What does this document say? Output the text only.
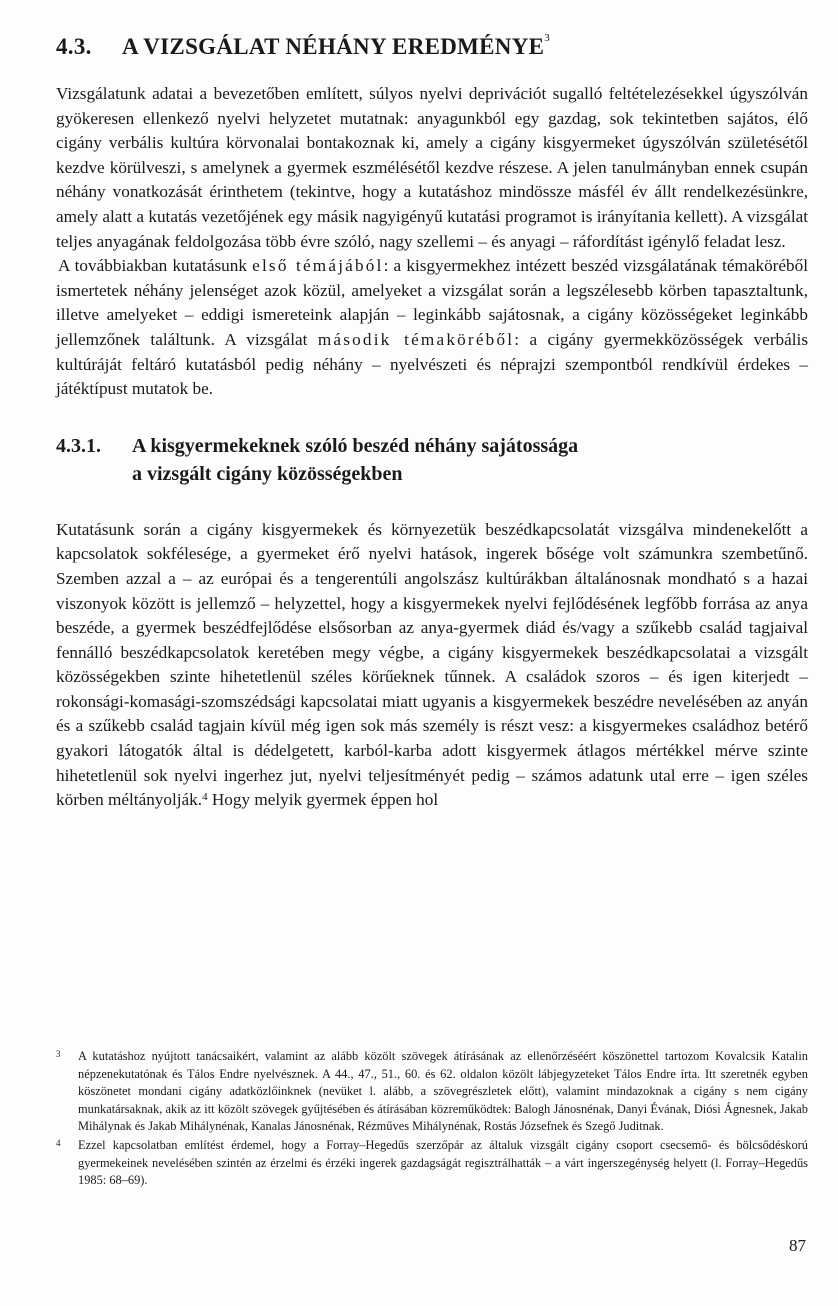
4.3.	A VIZSGÁLAT NÉHÁNY EREDMÉNYE$^3$

Vizsgálatunk adatai a bevezetőben említett, súlyos nyelvi deprivációt sugalló feltételezésekkel úgyszólván gyökeresen ellenkező nyelvi helyzetet mutatnak: anyagunkból egy gazdag, sok tekintetben sajátos, élő cigány verbális kultúra körvonalai bontakoznak ki, amely a cigány kisgyermeket úgyszólván születésétől kezdve körülveszi, s amelynek a gyermek eszmélésétől kezdve részese. A jelen tanulmányban ennek csupán néhány vonatkozását érinthetem (tekintve, hogy a kutatáshoz mindössze másfél év állt rendelkezésünkre, amely alatt a kutatás vezetőjének egy másik nagyigényű kutatási programot is irányítania kellett). A vizsgálat teljes anyagának feldolgozása több évre szóló, nagy szellemi – és anyagi – ráfordítást igénylő feladat lesz.

A továbbiakban kutatásunk első témájából: a kisgyermekhez intézett beszéd vizsgálatának témaköréből ismertetek néhány jelenséget azok közül, amelyeket a vizsgálat során a legszélesebb körben tapasztaltunk, illetve amelyeket – eddigi ismereteink alapján – leginkább sajátosnak, a cigány közösségeket leginkább jellemzőnek találtunk. A vizsgálat második témaköréből: a cigány gyermekközösségek verbális kultúráját feltáró kutatásból pedig néhány – nyelvészeti és néprajzi szempontból rendkívül érdekes – játéktípust mutatok be.

4.3.1.	A kisgyermekeknek szóló beszéd néhány sajátossága
a vizsgált cigány közösségekben

Kutatásunk során a cigány kisgyermekek és környezetük beszédkapcsolatát vizsgálva mindenekelőtt a kapcsolatok sokfélesége, a gyermeket érő nyelvi hatások, ingerek bősége volt számunkra szembetűnő. Szemben azzal a – az európai és a tengerentúli angolszász kultúrákban általánosnak mondható s a hazai viszonyok között is jellemző – helyzettel, hogy a kisgyermekek nyelvi fejlődésének legfőbb forrása az anya beszéde, a gyermek beszédfejlődése elsősorban az anya-gyermek diád és/vagy a szűkebb család tagjaival fennálló beszédkapcsolatok keretében megy végbe, a cigány kisgyermekek beszédkapcsolatai a vizsgált közösségekben szinte hihetetlenül széles körűeknek tűnnek. A családok szoros – és igen kiterjedt – rokonsági-komasági-szomszédsági kapcsolatai miatt ugyanis a kisgyermekek beszédre nevelésében az anyán és a szűkebb család tagjain kívül még igen sok más személy is részt vesz: a kisgyermekes családhoz betérő gyakori látogatók által is dédelgetett, karból-karba adott kisgyermek átlagos mértékkel mérve szinte hihetetlenül sok nyelvi ingerhez jut, nyelvi teljesítményét pedig – számos adatunk utal erre – igen széles körben méltányolják.$^4$ Hogy melyik gyermek éppen hol

3	A kutatáshoz nyújtott tanácsaikért, valamint az alább közölt szövegek átírásának az ellenőrzéséért köszönettel tartozom Kovalcsik Katalin népzenekutatónak és Tálos Endre nyelvésznek. A 44., 47., 51., 60. és 62. oldalon közölt lábjegyzeteket Tálos Endre írta. Itt szeretnék egyben köszönetet mondani cigány adatközlőinknek (nevüket l. alább, a szövegrészletek előtt), valamint mindazoknak a cigány s nem cigány munkatársaknak, akik az itt közölt szövegek gyűjtésében és átírásában közreműködtek: Balogh Jánosnénak, Danyi Évának, Diósi Ágnesnek, Jakab Mihálynak és Jakab Mihálynénak, Kanalas Jánosnénak, Rézműves Mihálynénak, Rostás Józsefnek és Szegő Juditnak.
4	Ezzel kapcsolatban említést érdemel, hogy a Forray–Hegedűs szerzőpár az általuk vizsgált cigány csoport csecsemő- és bölcsődéskorú gyermekeinek nevelésében szintén az érzelmi és érzéki ingerek gazdagságát regisztrálhatták – a várt ingerszegénység helyett (l. Forray–Hegedűs 1985: 68–69).
87
